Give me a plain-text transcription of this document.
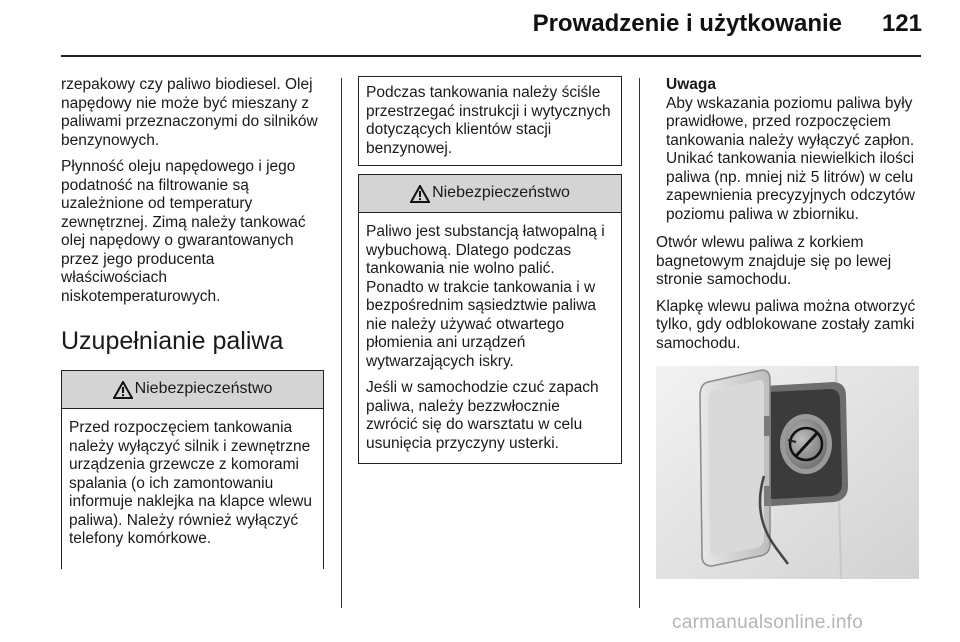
Prowadzenie i użytkowanie 121

rzepakowy czy paliwo biodiesel. Olej napędowy nie może być mieszany z paliwami przeznaczonymi do silników benzynowych.

Płynność oleju napędowego i jego podatność na filtrowanie są uzależnione od temperatury zewnętrznej. Zimą należy tankować olej napędowy o gwarantowanych przez jego producenta właściwościach niskotemperaturowych.

Uzupełnianie paliwa
Niebezpieczeństwo

Przed rozpoczęciem tankowania należy wyłączyć silnik i zewnętrzne urządzenia grzewcze z komorami spalania (o ich zamontowaniu informuje naklejka na klapce wlewu paliwa). Należy również wyłączyć telefony komórkowe.

Podczas tankowania należy ściśle przestrzegać instrukcji i wytycznych dotyczących klientów stacji benzynowej.

Niebezpieczeństwo

Paliwo jest substancją łatwopalną i wybuchową. Dlatego podczas tankowania nie wolno palić. Ponadto w trakcie tankowania i w bezpośrednim sąsiedztwie paliwa nie należy używać otwartego płomienia ani urządzeń wytwarzających iskry.

Jeśli w samochodzie czuć zapach paliwa, należy bezzwłocznie zwrócić się do warsztatu w celu usunięcia przyczyny usterki.

Uwaga
Aby wskazania poziomu paliwa były prawidłowe, przed rozpoczęciem tankowania należy wyłączyć zapłon. Unikać tankowania niewielkich ilości paliwa (np. mniej niż 5 litrów) w celu zapewnienia precyzyjnych odczytów poziomu paliwa w zbiorniku.

Otwór wlewu paliwa z korkiem bagnetowym znajduje się po lewej stronie samochodu.

Klapkę wlewu paliwa można otworzyć tylko, gdy odblokowane zostały zamki samochodu.

carmanualsonline.info
